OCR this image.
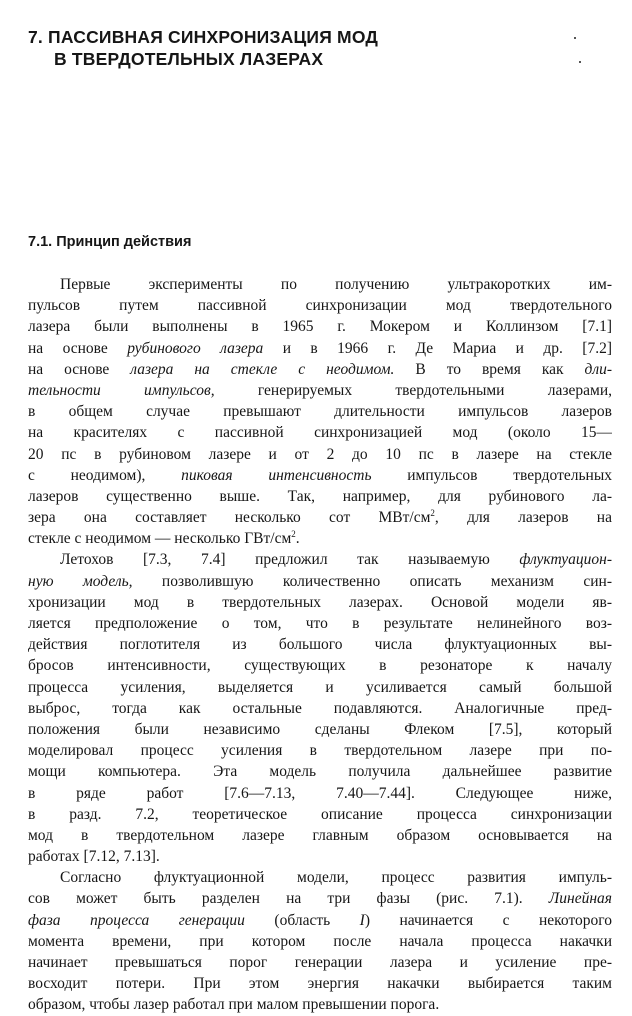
7. ПАССИВНАЯ СИНХРОНИЗАЦИЯ МОД
В ТВЕРДОТЕЛЬНЫХ ЛАЗЕРАХ
7.1. Принцип действия
Первые эксперименты по получению ультракоротких им-
пульсов путем пассивной синхронизации мод твердотельного
лазера были выполнены в 1965 г. Мокером и Коллинзом [7.1]
на основе рубинового лазера и в 1966 г. Де Мариа и др. [7.2]
на основе лазера на стекле с неодимом. В то время как дли-
тельности импульсов, генерируемых твердотельными лазерами,
в общем случае превышают длительности импульсов лазеров
на красителях с пассивной синхронизацией мод (около 15—
20 пс в рубиновом лазере и от 2 до 10 пс в лазере на стекле
с неодимом), пиковая интенсивность импульсов твердотельных
лазеров существенно выше. Так, например, для рубинового ла-
зера она составляет несколько сот МВт/$см^2$, для лазеров на
стекле с неодимом — несколько ГВт/$см^2$.
Летохов [7.3, 7.4] предложил так называемую флуктуацион-
ную модель, позволившую количественно описать механизм син-
хронизации мод в твердотельных лазерах. Основой модели яв-
ляется предположение о том, что в результате нелинейного воз-
действия поглотителя из большого числа флуктуационных вы-
бросов интенсивности, существующих в резонаторе к началу
процесса усиления, выделяется и усиливается самый большой
выброс, тогда как остальные подавляются. Аналогичные пред-
положения были независимо сделаны Флеком [7.5], который
моделировал процесс усиления в твердотельном лазере при по-
мощи компьютера. Эта модель получила дальнейшее развитие
в ряде работ [7.6—7.13, 7.40—7.44]. Следующее ниже,
в разд. 7.2, теоретическое описание процесса синхронизации
мод в твердотельном лазере главным образом основывается на
работах [7.12, 7.13].
Согласно флуктуационной модели, процесс развития импуль-
сов может быть разделен на три фазы (рис. 7.1). Линейная
фаза процесса генерации (область I) начинается с некоторого
момента времени, при котором после начала процесса накачки
начинает превышаться порог генерации лазера и усиление пре-
восходит потери. При этом энергия накачки выбирается таким
образом, чтобы лазер работал при малом превышении порога.
